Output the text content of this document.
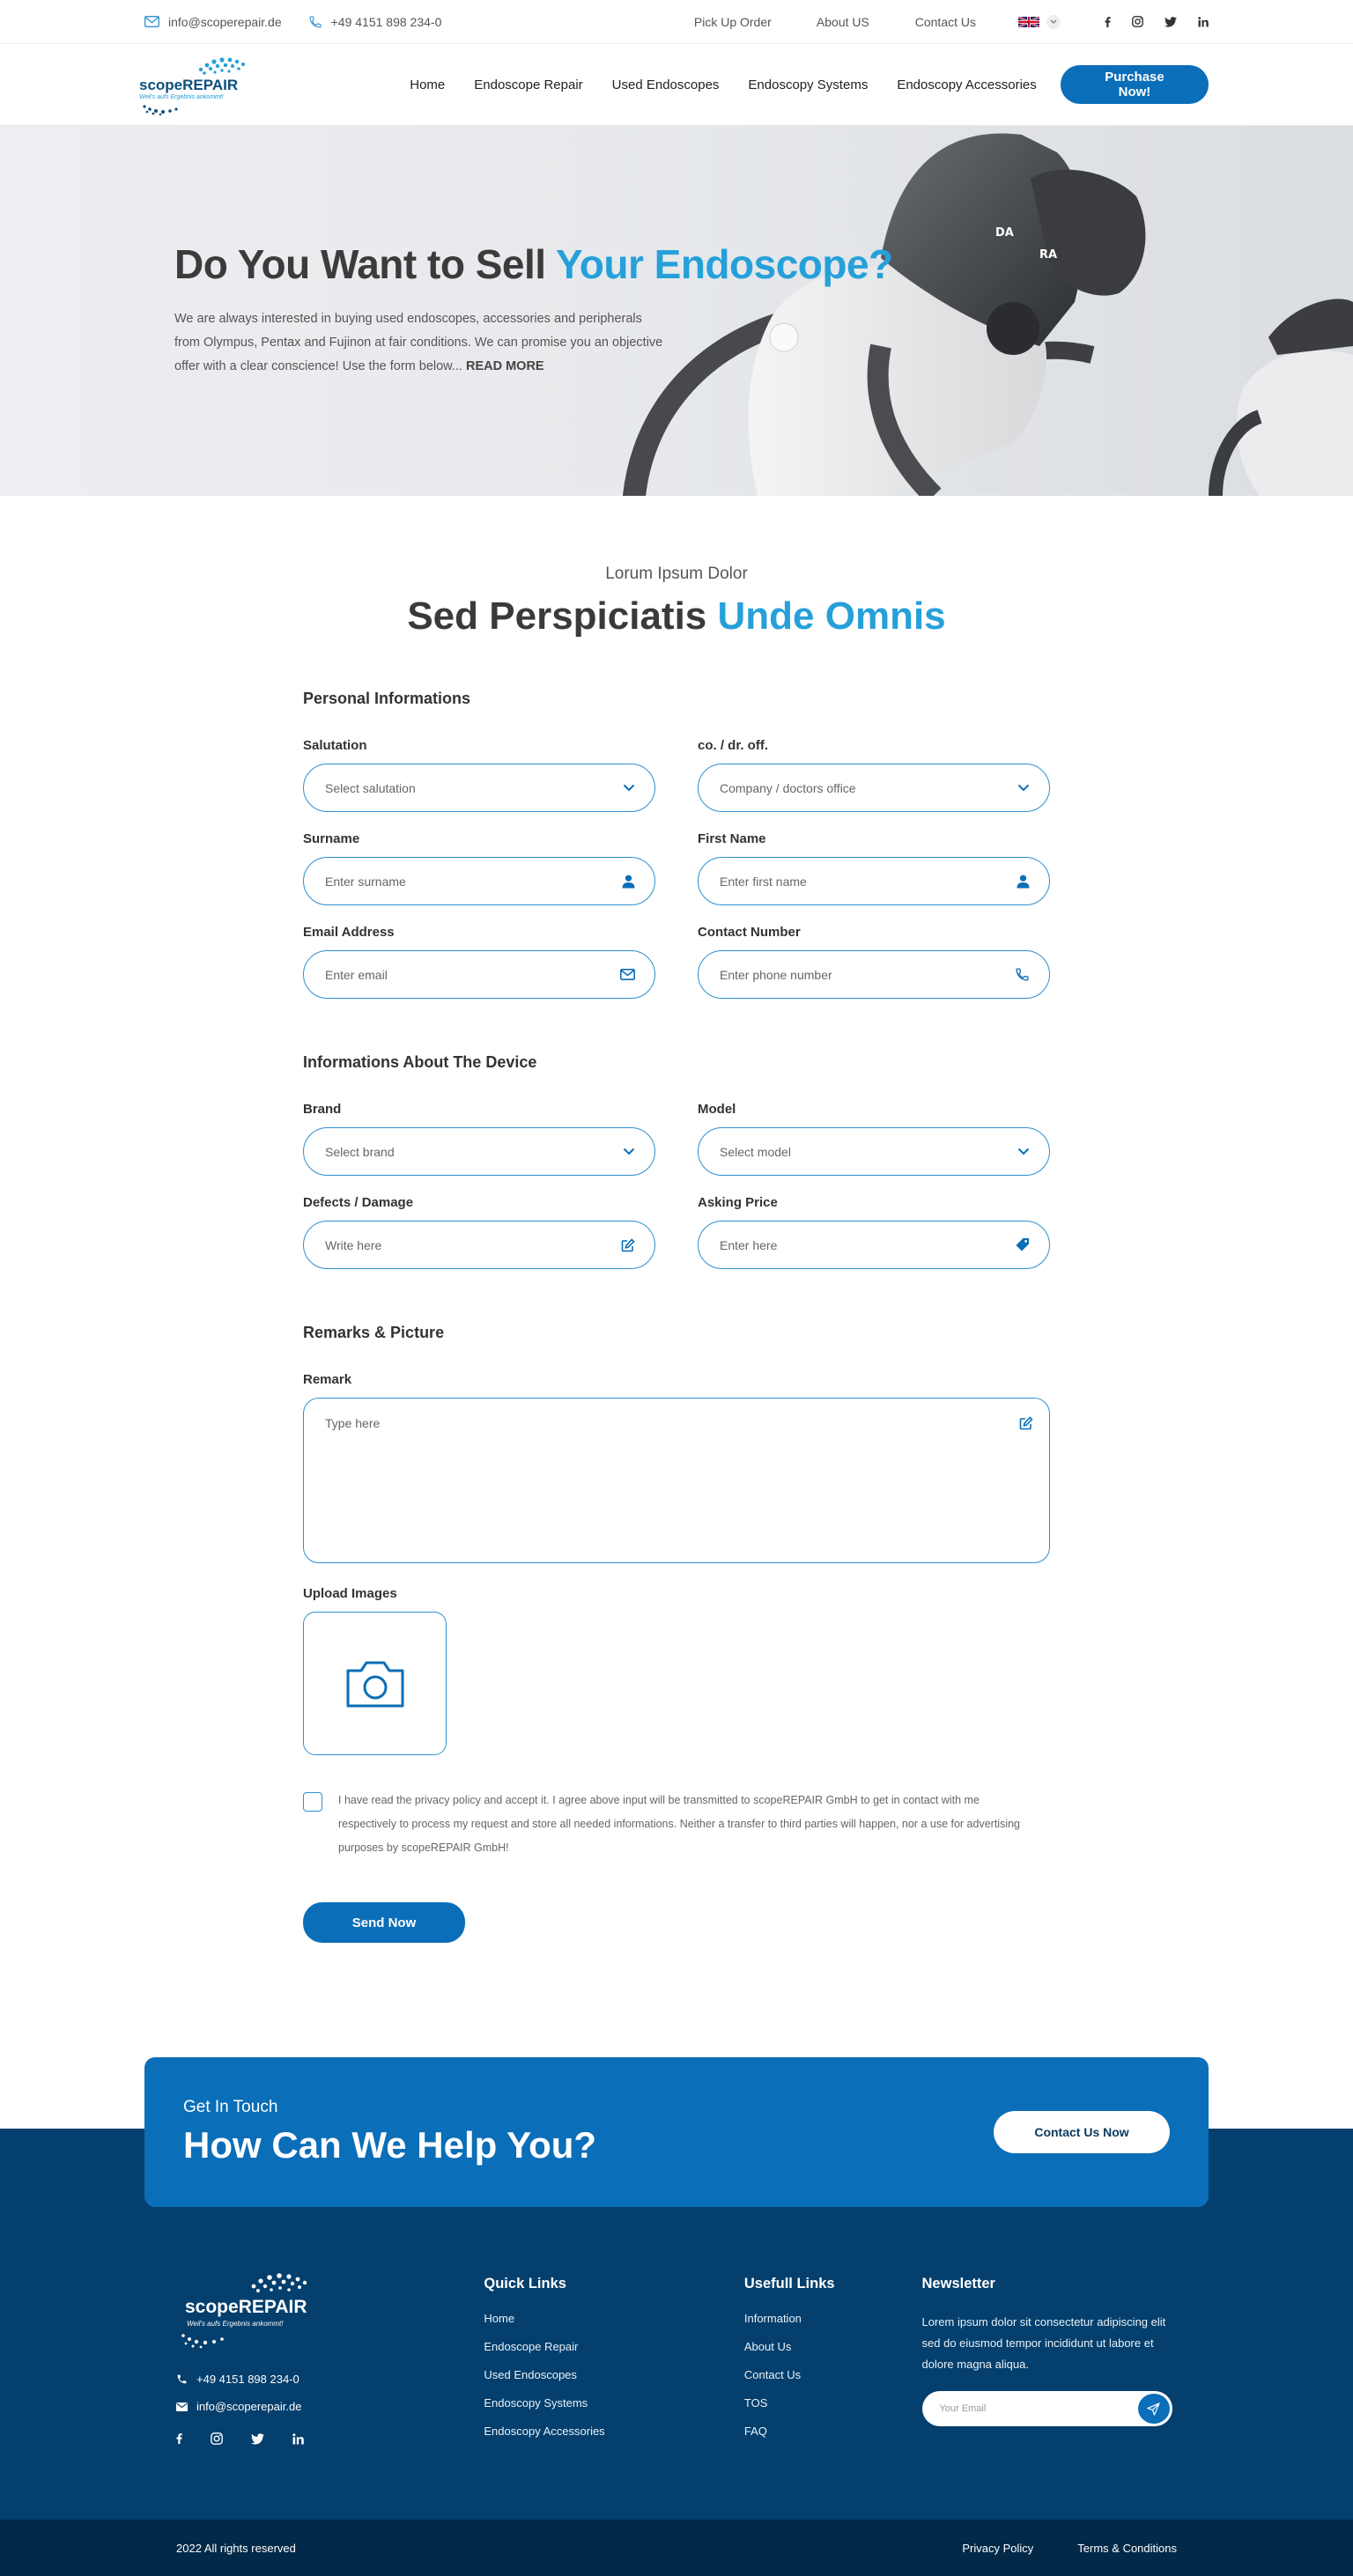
info@scoperepair.de	+49 4151 898 234-0	Pick Up Order	About US	Contact Us
scopeREPAIR
Weil's aufs Ergebnis ankommt!
Home Endoscope Repair Used Endoscopes Endoscopy Systems Endoscopy Accessories	Purchase Now!
DA
RA
Do You Want to Sell Your Endoscope?

We are always interested in buying used endoscopes, accessories and peripherals from Olympus, Pentax and Fujinon at fair conditions. We can promise you an objective offer with a clear conscience! Use the form below... READ MORE

Lorum Ipsum Dolor
Sed Perspiciatis Unde Omnis
Personal Informations
Salutation
Select salutation
co. / dr. off.
Company / doctors office
Surname
Enter surname
First Name
Enter first name
Email Address
Enter email
Contact Number
Enter phone number
Informations About The Device
Brand
Select brand
Model
Select model
Defects / Damage
Write here
Asking Price
Enter here
Remarks & Picture
Remark
Type here
Upload Images

I have read the privacy policy and accept it. I agree above input will be transmitted to scopeREPAIR GmbH to get in contact with me respectively to process my request and store all needed informations. Neither a transfer to third parties will happen, nor a use for advertising purposes by scopeREPAIR GmbH!

Send Now
Get In Touch
How Can We Help You?	Contact Us Now
scopeREPAIR
Weil's aufs Ergebnis ankommt!
+49 4151 898 234-0
info@scoperepair.de
Quick Links
Home
Endoscope Repair
Used Endoscopes
Endoscopy Systems
Endoscopy Accessories
Usefull Links
Information
About Us
Contact Us
TOS
FAQ
Newsletter
Lorem ipsum dolor sit consectetur adipiscing elit sed do eiusmod tempor incididunt ut labore et dolore magna aliqua.
Your Email
2022 All rights reserved	Privacy Policy	Terms & Conditions
